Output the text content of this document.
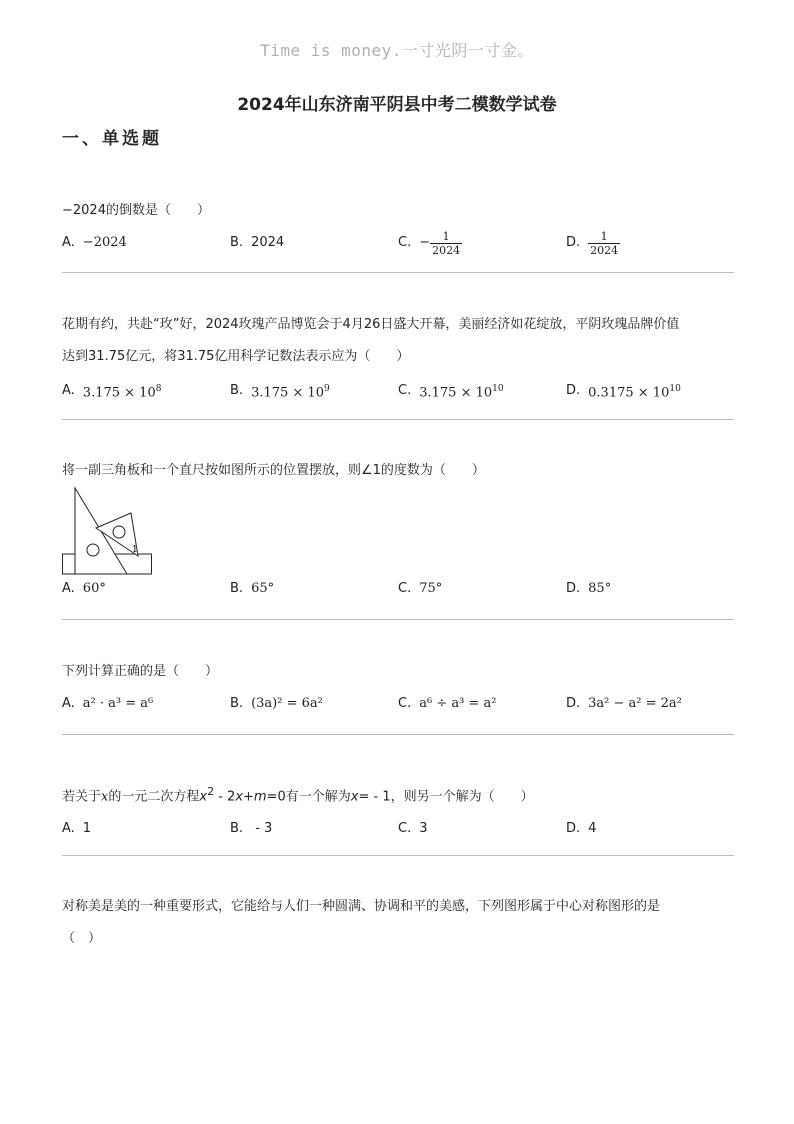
Time is money.一寸光阴一寸金。
2024年山东济南平阴县中考二模数学试卷
一、单选题

−2024的倒数是（　　）

A. −2024	B. 2024	C. − $\frac{1}{2024}$	D. $\frac{1}{2024}$

花期有约，共赴“玫”好，2024玫瑰产品博览会于4月26日盛大开幕，美丽经济如花绽放，平阴玫瑰品牌价值

达到31.75亿元，将31.75亿用科学记数法表示应为（　　）

A. $3.175 \times 10^8$	B. $3.175 \times 10^9$	C. $3.175 \times 10^{10}$	D. $0.3175 \times 10^{10}$

将一副三角板和一个直尺按如图所示的位置摆放，则∠1的度数为（　　）

1
A. 60°	B. 65°	C. 75°	D. 85°

下列计算正确的是（　　）

A. a² · a³ = a⁶	B. (3a)² = 6a²	C. a⁶ ÷ a³ = a²	D. 3a² − a² = 2a²

若关于x的一元二次方程$x^2 - 2x+m=0$有一个解为x= - 1，则另一个解为（　　）

A. 1	B. - 3	C. 3	D. 4

对称美是美的一种重要形式，它能给与人们一种圆满、协调和平的美感，下列图形属于中心对称图形的是

（　）
